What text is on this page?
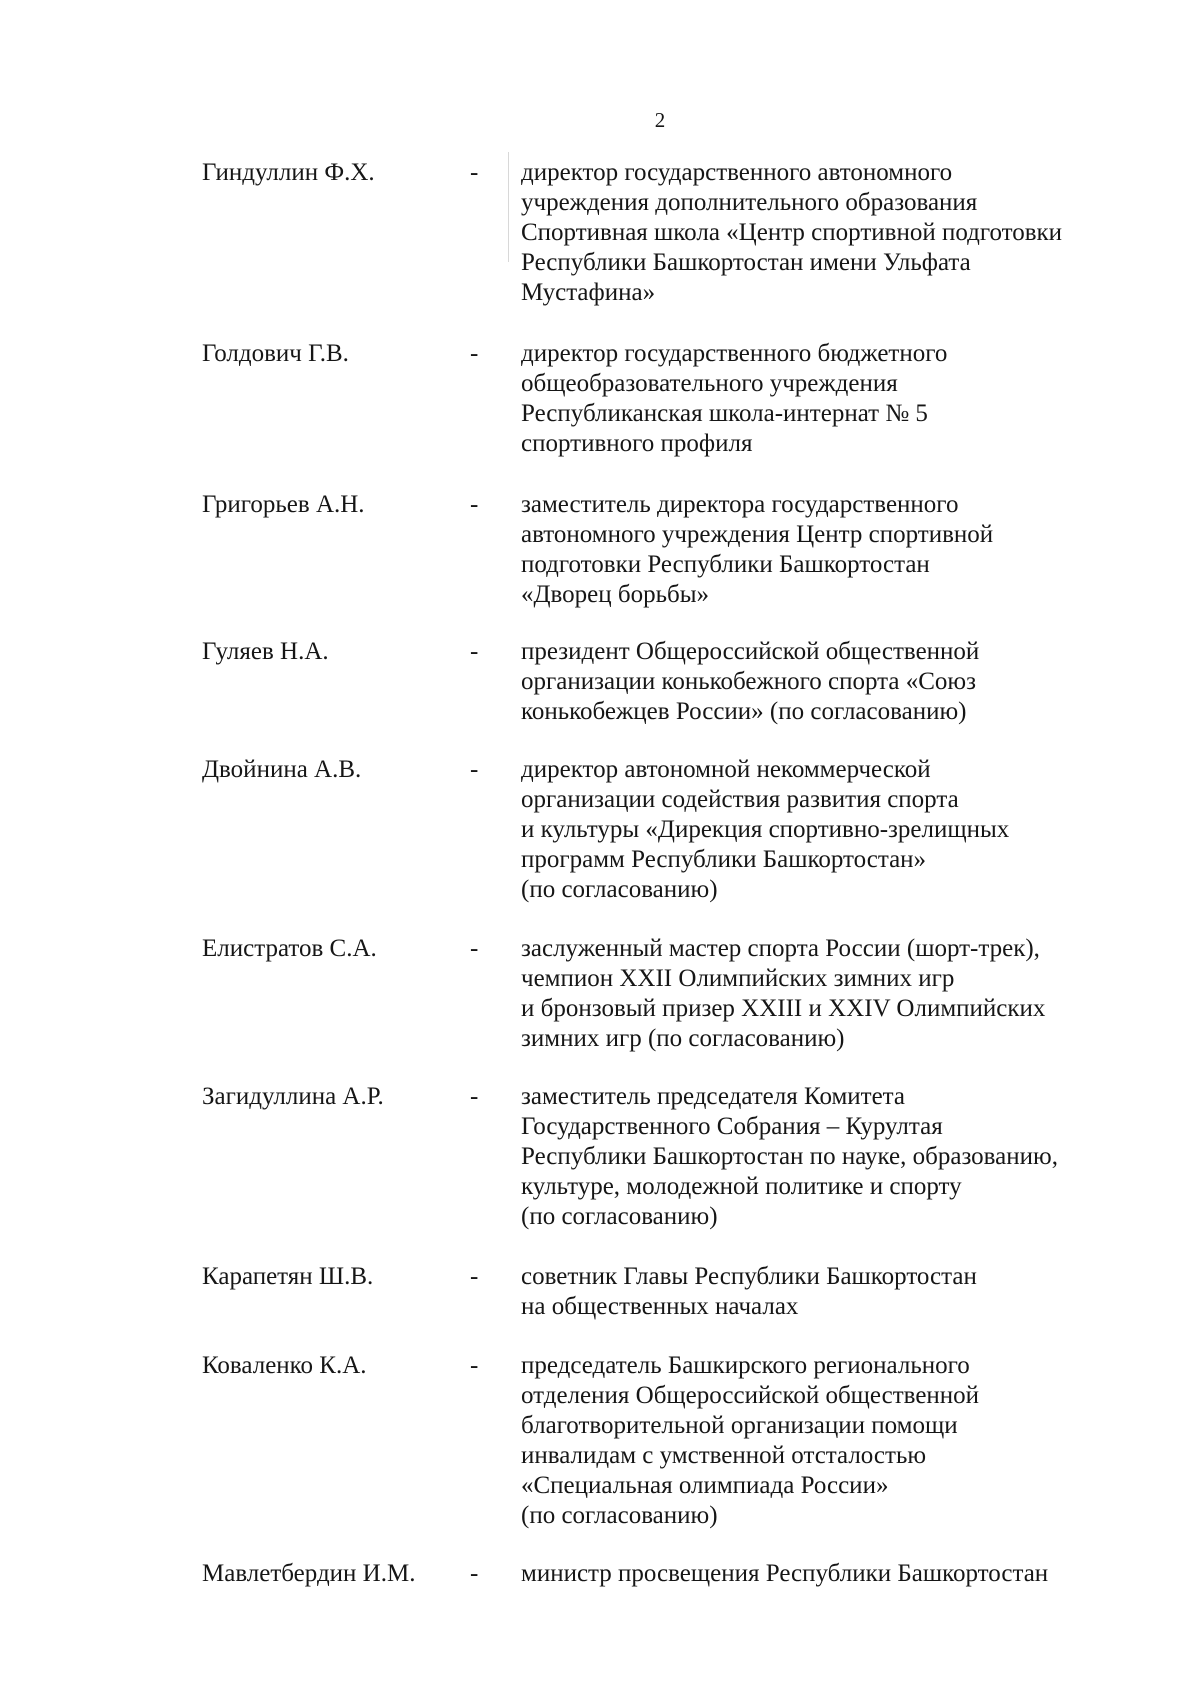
2
Гиндуллин Ф.Х.	- директор государственного автономного
учреждения дополнительного образования
Спортивная школа «Центр спортивной подготовки
Республики Башкортостан имени Ульфата
Мустафина»
Голдович Г.В.	- директор государственного бюджетного
общеобразовательного учреждения
Республиканская школа-интернат № 5
спортивного профиля
Григорьев А.Н.	- заместитель директора государственного
автономного учреждения Центр спортивной
подготовки Республики Башкортостан
«Дворец борьбы»
Гуляев Н.А.	- президент Общероссийской общественной
организации конькобежного спорта «Союз
конькобежцев России» (по согласованию)
Двойнина А.В.	- директор автономной некоммерческой
организации содействия развития спорта
и культуры «Дирекция спортивно-зрелищных
программ Республики Башкортостан»
(по согласованию)
Елистратов С.А.	- заслуженный мастер спорта России (шорт-трек),
чемпион XXII Олимпийских зимних игр
и бронзовый призер XXIII и XXIV Олимпийских
зимних игр (по согласованию)
Загидуллина А.Р.	- заместитель председателя Комитета
Государственного Собрания – Курултая
Республики Башкортостан по науке, образованию,
культуре, молодежной политике и спорту
(по согласованию)
Карапетян Ш.В.	- советник Главы Республики Башкортостан
на общественных началах
Коваленко К.А.	- председатель Башкирского регионального
отделения Общероссийской общественной
благотворительной организации помощи
инвалидам с умственной отсталостью
«Специальная олимпиада России»
(по согласованию)
Мавлетбердин И.М. - министр просвещения Республики Башкортостан
